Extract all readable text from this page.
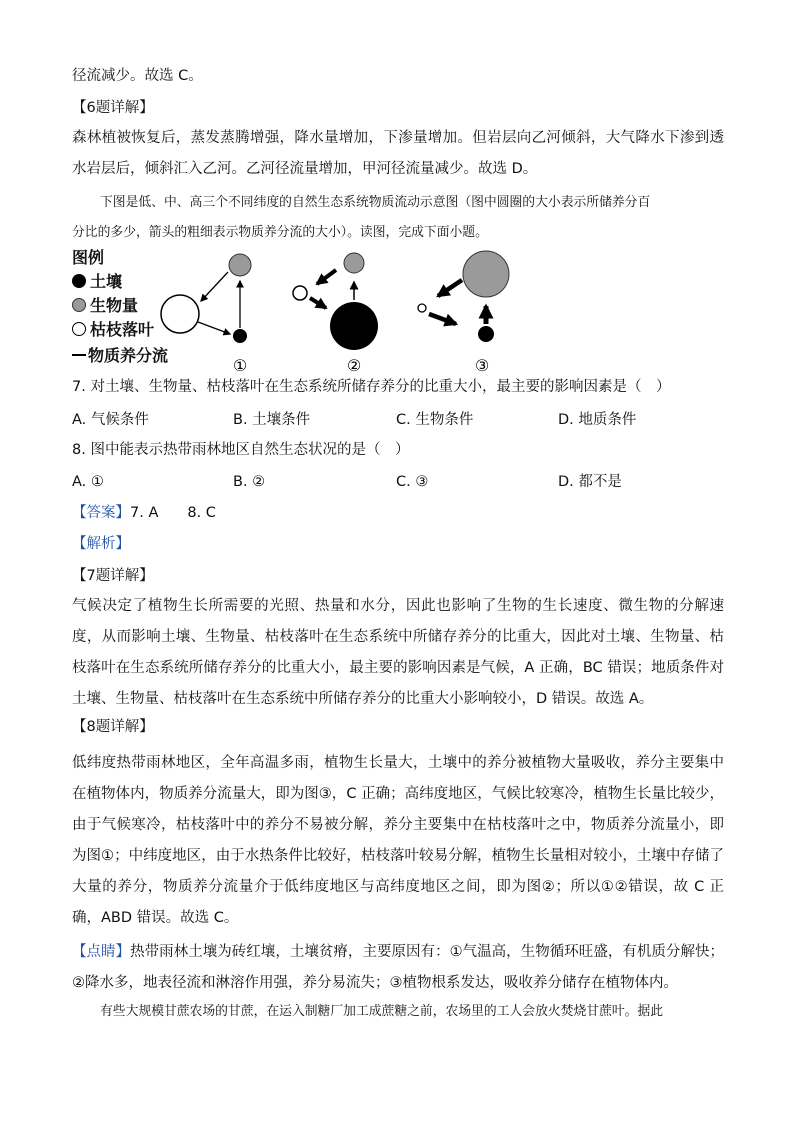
径流减少。故选 C。
【6题详解】
森林植被恢复后，蒸发蒸腾增强，降水量增加，下渗量增加。但岩层向乙河倾斜，大气降水下渗到透水岩层后，倾斜汇入乙河。乙河径流量增加，甲河径流量减少。故选 D。
下图是低、中、高三个不同纬度的自然生态系统物质流动示意图（图中圆圈的大小表示所储养分百
分比的多少，箭头的粗细表示物质养分流的大小）。读图，完成下面小题。
图例
土壤
生物量
枯枝落叶
物质养分流
①	②	③
7. 对土壤、生物量、枯枝落叶在生态系统所储存养分的比重大小，最主要的影响因素是（　）
A. 气候条件	B. 土壤条件	C. 生物条件	D. 地质条件
8. 图中能表示热带雨林地区自然生态状况的是（　）
A. ①	B. ②	C. ③	D. 都不是
【答案】7. A　　8. C
【解析】
【7题详解】
气候决定了植物生长所需要的光照、热量和水分，因此也影响了生物的生长速度、微生物的分解速度，从而影响土壤、生物量、枯枝落叶在生态系统中所储存养分的比重大，因此对土壤、生物量、枯枝落叶在生态系统所储存养分的比重大小，最主要的影响因素是气候，A 正确，BC 错误；地质条件对土壤、生物量、枯枝落叶在生态系统中所储存养分的比重大小影响较小，D 错误。故选 A。
【8题详解】
低纬度热带雨林地区，全年高温多雨，植物生长量大，土壤中的养分被植物大量吸收，养分主要集中在植物体内，物质养分流量大，即为图③，C 正确；高纬度地区，气候比较寒冷，植物生长量比较少，由于气候寒冷，枯枝落叶中的养分不易被分解，养分主要集中在枯枝落叶之中，物质养分流量小，即为图①；中纬度地区，由于水热条件比较好，枯枝落叶较易分解，植物生长量相对较小，土壤中存储了大量的养分，物质养分流量介于低纬度地区与高纬度地区之间，即为图②；所以①②错误，故 C 正确，ABD 错误。故选 C。
【点睛】热带雨林土壤为砖红壤，土壤贫瘠，主要原因有：①气温高，生物循环旺盛，有机质分解快；②降水多，地表径流和淋溶作用强，养分易流失；③植物根系发达，吸收养分储存在植物体内。
有些大规模甘蔗农场的甘蔗，在运入制糖厂加工成蔗糖之前，农场里的工人会放火焚烧甘蔗叶。据此
